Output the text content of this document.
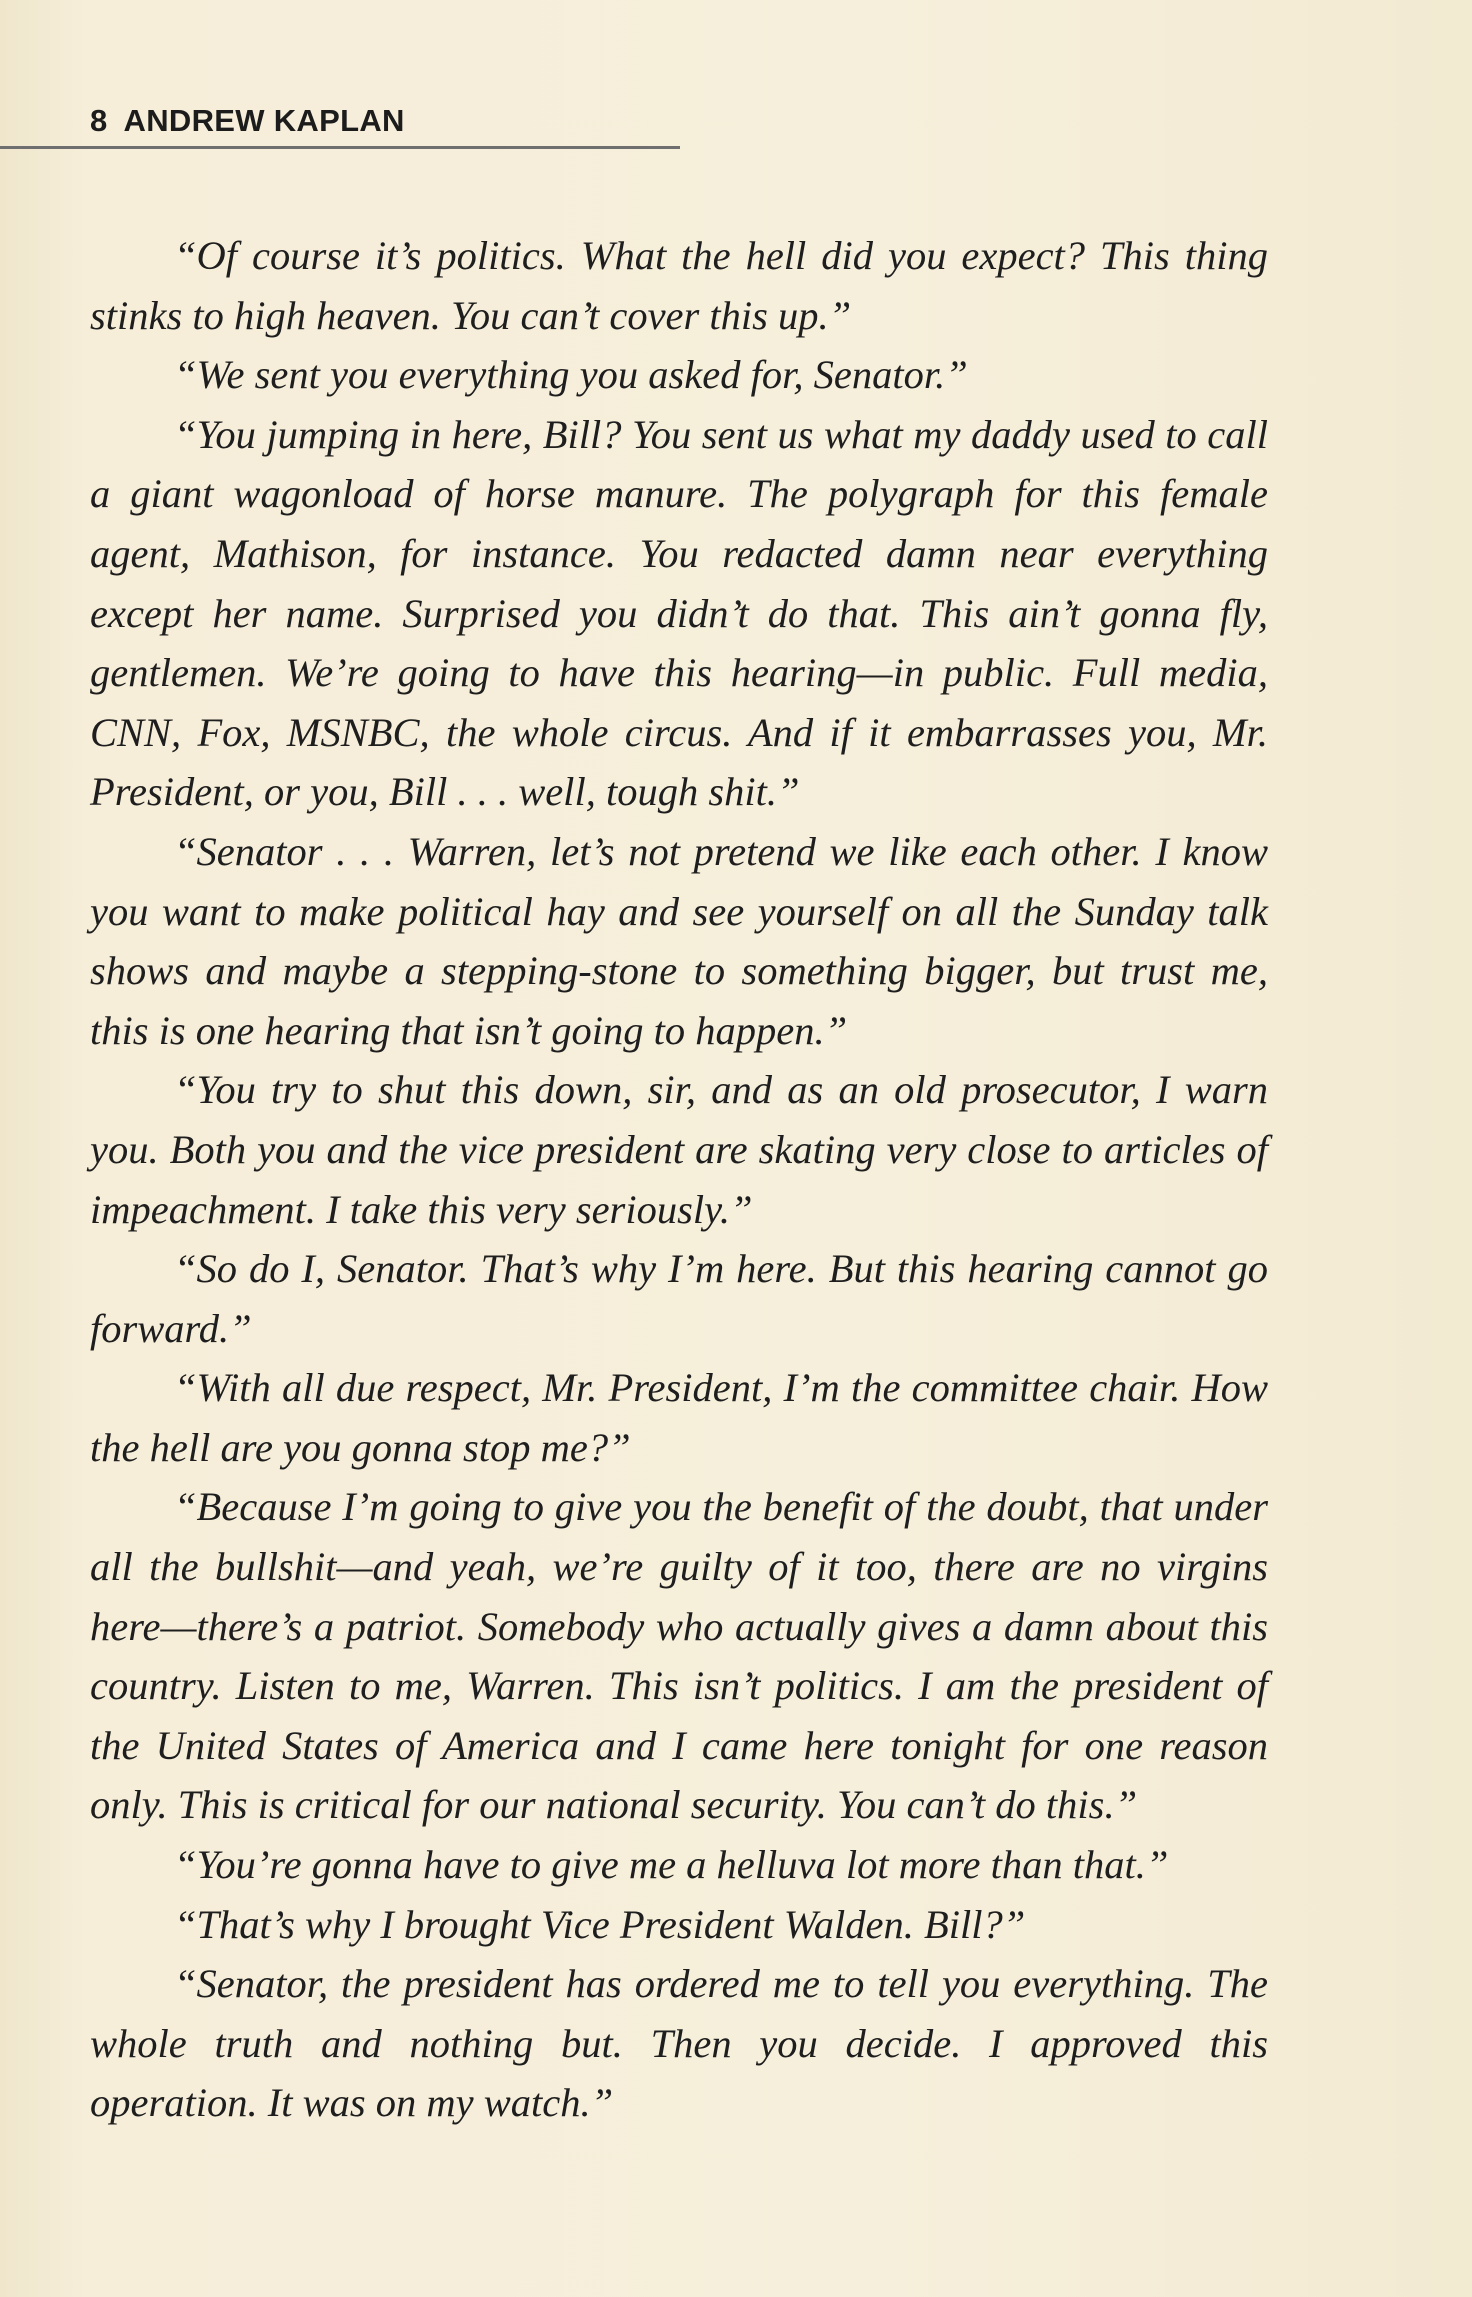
8 ANDREW KAPLAN

“Of course it’s politics. What the hell did you expect? This thing stinks to high heaven. You can’t cover this up.”

“We sent you everything you asked for, Senator.”

“You jumping in here, Bill? You sent us what my daddy used to call a giant wagonload of horse manure. The polygraph for this female agent, Mathison, for instance. You redacted damn near everything except her name. Surprised you didn’t do that. This ain’t gonna fly, gentlemen. We’re going to have this hearing—in public. Full media, CNN, Fox, MSNBC, the whole circus. And if it embarrasses you, Mr. President, or you, Bill . . . well, tough shit.”

“Senator . . . Warren, let’s not pretend we like each other. I know you want to make political hay and see yourself on all the Sunday talk shows and maybe a stepping-stone to something bigger, but trust me, this is one hearing that isn’t going to happen.”

“You try to shut this down, sir, and as an old prosecutor, I warn you. Both you and the vice president are skating very close to articles of impeachment. I take this very seriously.”

“So do I, Senator. That’s why I’m here. But this hearing cannot go forward.”

“With all due respect, Mr. President, I’m the committee chair. How the hell are you gonna stop me?”

“Because I’m going to give you the benefit of the doubt, that under all the bullshit—and yeah, we’re guilty of it too, there are no virgins here—there’s a patriot. Somebody who actually gives a damn about this country. Listen to me, Warren. This isn’t politics. I am the president of the United States of America and I came here tonight for one reason only. This is critical for our national security. You can’t do this.”

“You’re gonna have to give me a helluva lot more than that.”

“That’s why I brought Vice President Walden. Bill?”

“Senator, the president has ordered me to tell you everything. The whole truth and nothing but. Then you decide. I approved this operation. It was on my watch.”
